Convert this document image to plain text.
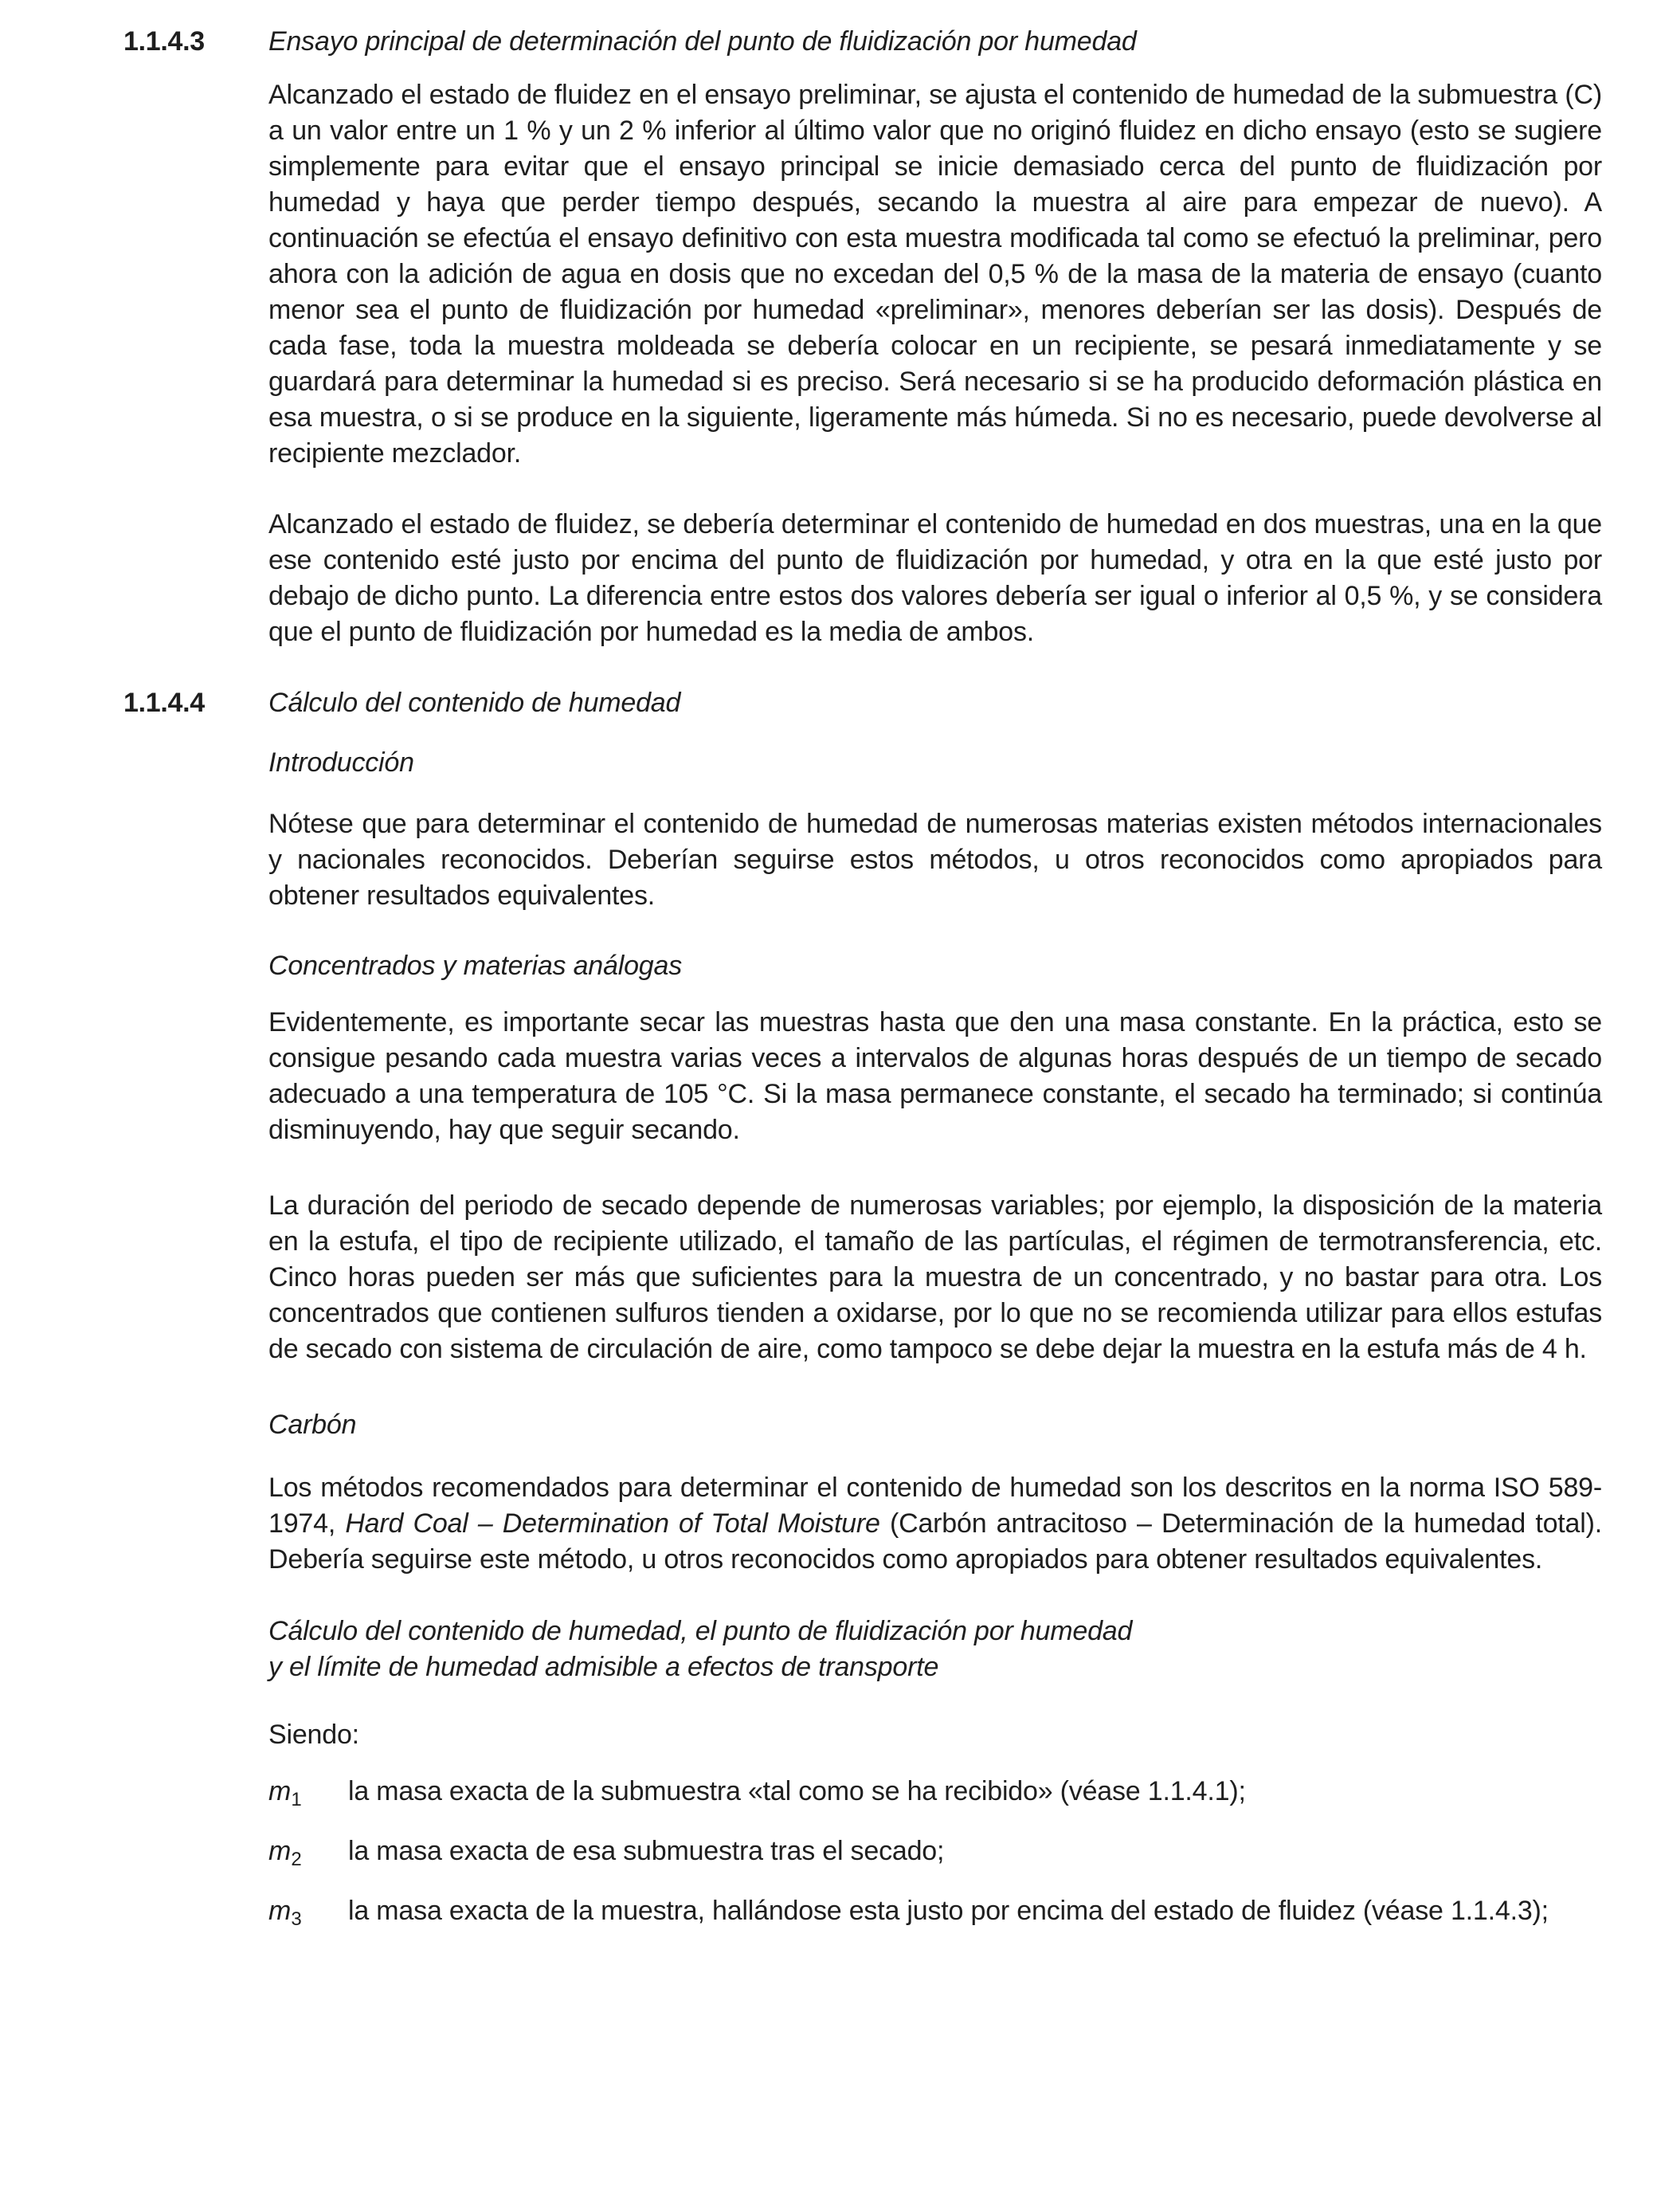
1.1.4.3	Ensayo principal de determinación del punto de fluidización por humedad

Alcanzado el estado de fluidez en el ensayo preliminar, se ajusta el contenido de humedad de la submuestra (C) a un valor entre un 1 % y un 2 % inferior al último valor que no originó fluidez en dicho ensayo (esto se sugiere simplemente para evitar que el ensayo principal se inicie demasiado cerca del punto de fluidización por humedad y haya que perder tiempo después, secando la muestra al aire para empezar de nuevo). A continuación se efectúa el ensayo definitivo con esta muestra modificada tal como se efectuó la preliminar, pero ahora con la adición de agua en dosis que no excedan del 0,5 % de la masa de la materia de ensayo (cuanto menor sea el punto de fluidización por humedad «preliminar», menores deberían ser las dosis). Después de cada fase, toda la muestra moldeada se debería colocar en un recipiente, se pesará inmediatamente y se guardará para determinar la humedad si es preciso. Será necesario si se ha producido deformación plástica en esa muestra, o si se produce en la siguiente, ligeramente más húmeda. Si no es necesario, puede devolverse al recipiente mezclador.

Alcanzado el estado de fluidez, se debería determinar el contenido de humedad en dos muestras, una en la que ese contenido esté justo por encima del punto de fluidización por humedad, y otra en la que esté justo por debajo de dicho punto. La diferencia entre estos dos valores debería ser igual o inferior al 0,5 %, y se considera que el punto de fluidización por humedad es la media de ambos.

1.1.4.4	Cálculo del contenido de humedad
Introducción

Nótese que para determinar el contenido de humedad de numerosas materias existen métodos internacionales y nacionales reconocidos. Deberían seguirse estos métodos, u otros reconocidos como apropiados para obtener resultados equivalentes.

Concentrados y materias análogas

Evidentemente, es importante secar las muestras hasta que den una masa constante. En la práctica, esto se consigue pesando cada muestra varias veces a intervalos de algunas horas después de un tiempo de secado adecuado a una temperatura de 105 °C. Si la masa permanece constante, el secado ha terminado; si continúa disminuyendo, hay que seguir secando.

La duración del periodo de secado depende de numerosas variables; por ejemplo, la disposición de la materia en la estufa, el tipo de recipiente utilizado, el tamaño de las partículas, el régimen de termotransferencia, etc. Cinco horas pueden ser más que suficientes para la muestra de un concentrado, y no bastar para otra. Los concentrados que contienen sulfuros tienden a oxidarse, por lo que no se recomienda utilizar para ellos estufas de secado con sistema de circulación de aire, como tampoco se debe dejar la muestra en la estufa más de 4 h.

Carbón

Los métodos recomendados para determinar el contenido de humedad son los descritos en la norma ISO 589-1974, Hard Coal – Determination of Total Moisture (Carbón antracitoso – Determinación de la humedad total). Debería seguirse este método, u otros reconocidos como apropiados para obtener resultados equivalentes.

Cálculo del contenido de humedad, el punto de fluidización por humedad
y el límite de humedad admisible a efectos de transporte
Siendo:
$m_1$	la masa exacta de la submuestra «tal como se ha recibido» (véase 1.1.4.1);
$m_2$	la masa exacta de esa submuestra tras el secado;
$m_3$	la masa exacta de la muestra, hallándose esta justo por encima del estado de fluidez (véase 1.1.4.3);
